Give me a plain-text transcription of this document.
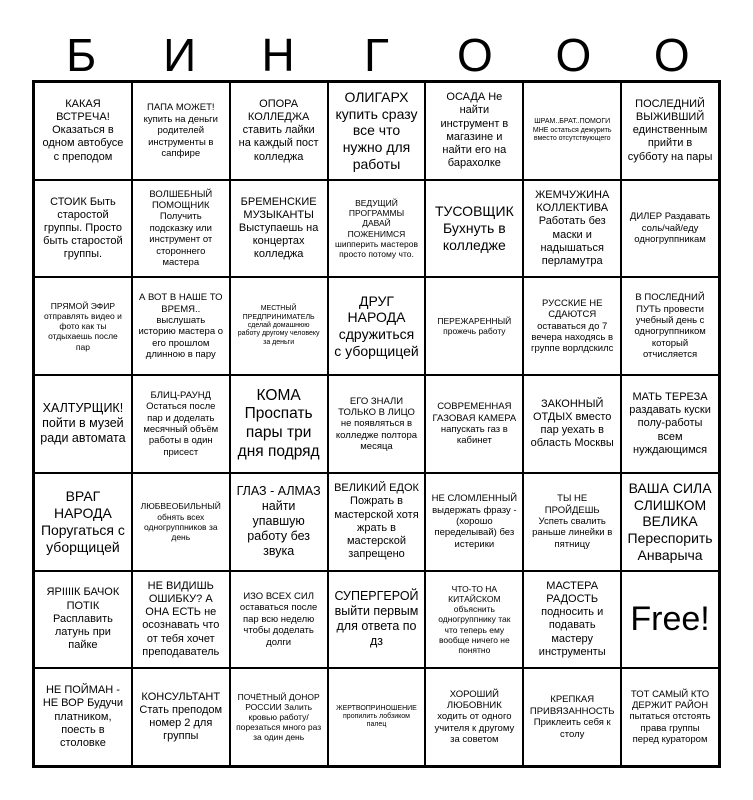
Б	И	Н	Г	О	О	О
КАКАЯ ВСТРЕЧА! Оказаться в одном автобусе с преподом
ПАПА МОЖЕТ! купить на деньги родителей инструменты в сапфире
ОПОРА КОЛЛЕДЖА ставить лайки на каждый пост колледжа
ОЛИГАРХ купить сразу все что нужно для работы
ОСАДА Не найти инструмент в магазине и найти его на барахолке
ШРАМ..БРАТ..ПОМОГИ МНЕ остаться дежурить вместо отсутствующего
ПОСЛЕДНИЙ ВЫЖИВШИЙ единственным прийти в субботу на пары
СТОИК Быть старостой группы. Просто быть старостой группы.
ВОЛШЕБНЫЙ ПОМОЩНИК Получить подсказку или инструмент от стороннего мастера
БРЕМЕНСКИЕ МУЗЫКАНТЫ Выступаешь на концертах колледжа
ВЕДУЩИЙ ПРОГРАММЫ ДАВАЙ ПОЖЕНИМСЯ шипперить мастеров просто потому что.
ТУСОВЩИК Бухнуть в колледже
ЖЕМЧУЖИНА КОЛЛЕКТИВА Работать без маски и надышаться перламутра
ДИЛЕР Раздавать соль/чай/еду одногруппникам
ПРЯМОЙ ЭФИР отправлять видео и фото как ты отдыхаешь после пар
А ВОТ В НАШЕ ТО ВРЕМЯ.. выслушать историю мастера о его прошлом длинною в пару
МЕСТНЫЙ ПРЕДПРИНИМАТЕЛЬ сделай домашнюю работу другому человеку за деньги
ДРУГ НАРОДА сдружиться с уборщицей
ПЕРЕЖАРЕННЫЙ прожечь работу
РУССКИЕ НЕ СДАЮТСЯ оставаться до 7 вечера находясь в группе ворлдскилс
В ПОСЛЕДНИЙ ПУТЬ провести учебный день с одногруппником который отчисляется
ХАЛТУРЩИК! пойти в музей ради автомата
БЛИЦ-РАУНД Остаться после пар и доделать месячный объём работы в один присест
КОМА Проспать пары три дня подряд
ЕГО ЗНАЛИ ТОЛЬКО В ЛИЦО не появляться в колледже полтора месяца
СОВРЕМЕННАЯ ГАЗОВАЯ КАМЕРА напускать газ в кабинет
ЗАКОННЫЙ ОТДЫХ вместо пар уехать в область Москвы
МАТЬ ТЕРЕЗА раздавать куски полу-работы всем нуждающимся
ВРАГ НАРОДА Поругаться с уборщицей
ЛЮБВЕОБИЛЬНЫЙ обнять всех одногруппников за день
ГЛАЗ - АЛМАЗ найти упавшую работу без звука
ВЕЛИКИЙ ЕДОК Пожрать в мастерской хотя жрать в мастерской запрещено
НЕ СЛОМЛЕННЫЙ выдержать фразу - (хорошо переделывай) без истерики
ТЫ НЕ ПРОЙДЕШЬ Успеть свалить раньше линейки в пятницу
ВАША СИЛА СЛИШКОМ ВЕЛИКА Переспорить Анварыча
ЯРІІІІК БАЧОК ПОТІК Расплавить латунь при пайке
НЕ ВИДИШЬ ОШИБКУ? А ОНА ЕСТЬ не осознавать что от тебя хочет преподаватель
ИЗО ВСЕХ СИЛ оставаться после пар всю неделю чтобы доделать долги
СУПЕРГЕРОЙ выйти первым для ответа по дз
ЧТО-ТО НА КИТАЙСКОМ объяснить одногруппнику так что теперь ему вообще ничего не понятно
МАСТЕРА РАДОСТЬ подносить и подавать мастеру инструменты
Free!
НЕ ПОЙМАН - НЕ ВОР Будучи платником, поесть в столовке
КОНСУЛЬТАНТ Стать преподом номер 2 для группы
ПОЧЁТНЫЙ ДОНОР РОССИИ Залить кровью работу/порезаться много раз за один день
ЖЕРТВОПРИНОШЕНИЕ пропилить лобзиком палец
ХОРОШИЙ ЛЮБОВНИК ходить от одного учителя к другому за советом
КРЕПКАЯ ПРИВЯЗАННОСТЬ Приклеить себя к столу
ТОТ САМЫЙ КТО ДЕРЖИТ РАЙОН пытаться отстоять права группы перед куратором
